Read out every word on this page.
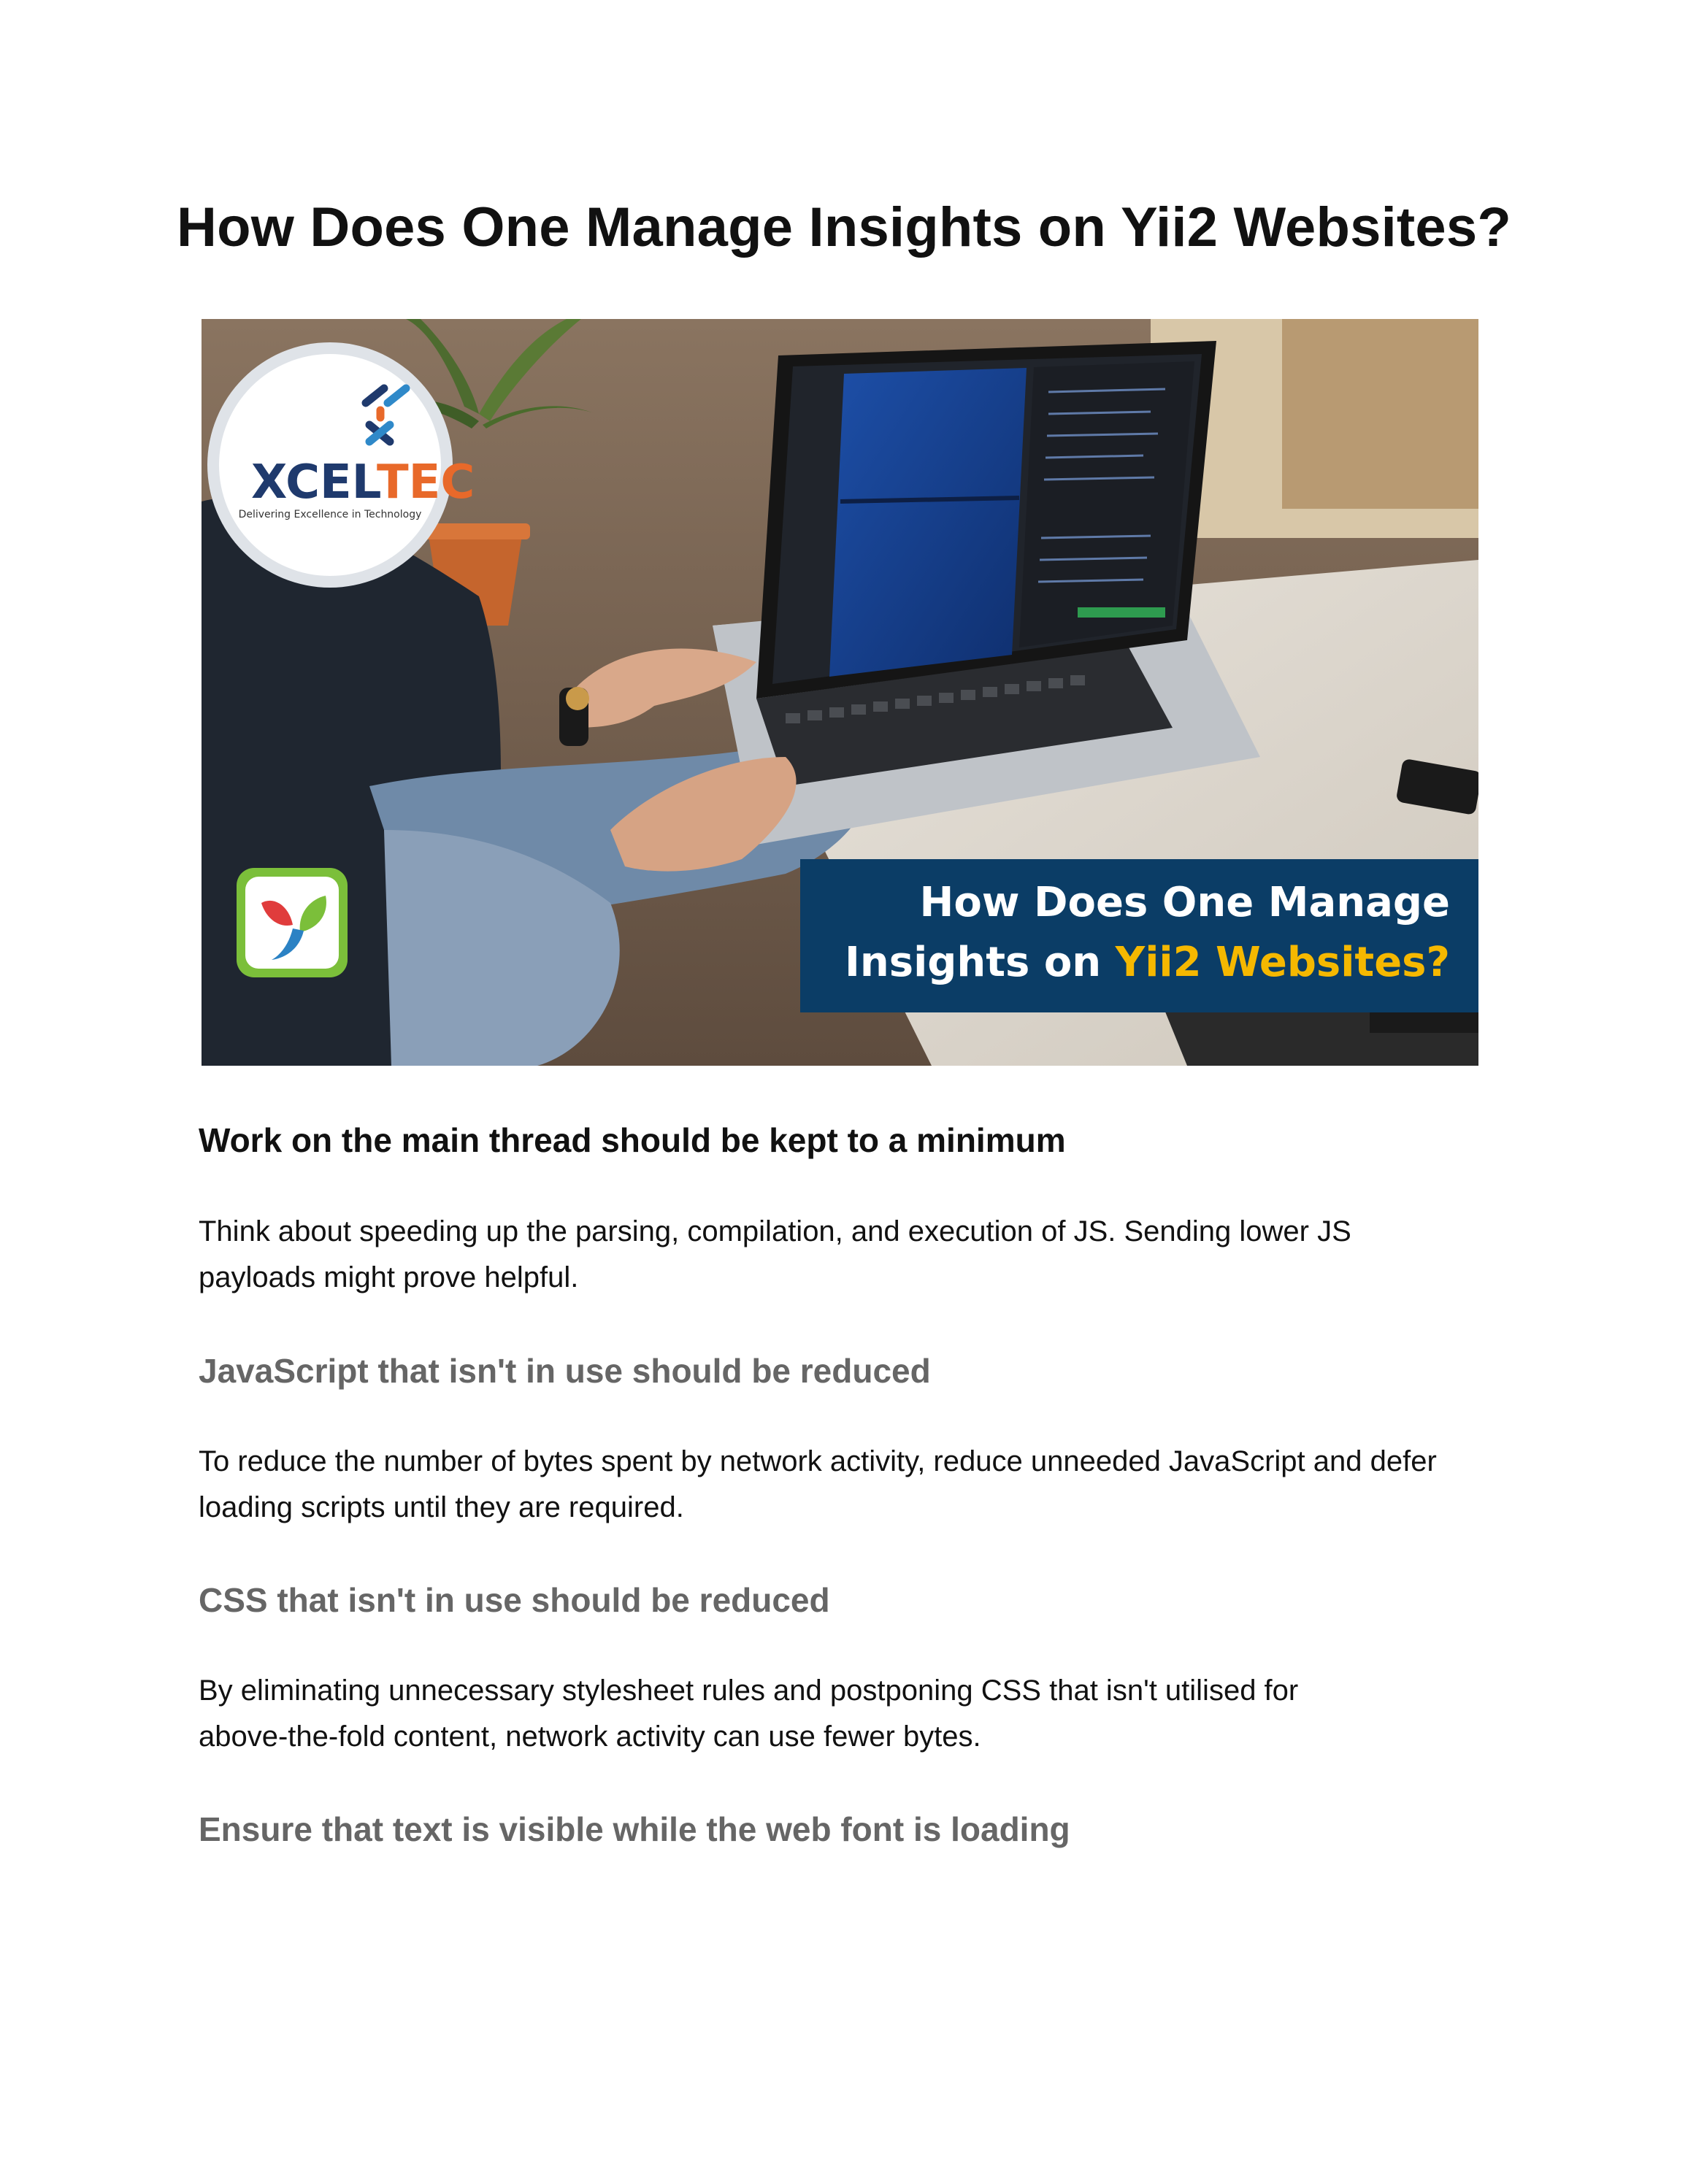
How Does One Manage Insights on Yii2 Websites?
XCEL
TEC
Delivering Excellence in Technology
How Does One Manage
Insights on Yii2 Websites?
Work on the main thread should be kept to a minimum

Think about speeding up the parsing, compilation, and execution of JS. Sending lower JS
payloads might prove helpful.

JavaScript that isn't in use should be reduced

To reduce the number of bytes spent by network activity, reduce unneeded JavaScript and defer
loading scripts until they are required.

CSS that isn't in use should be reduced

By eliminating unnecessary stylesheet rules and postponing CSS that isn't utilised for
above-the-fold content, network activity can use fewer bytes.

Ensure that text is visible while the web font is loading
